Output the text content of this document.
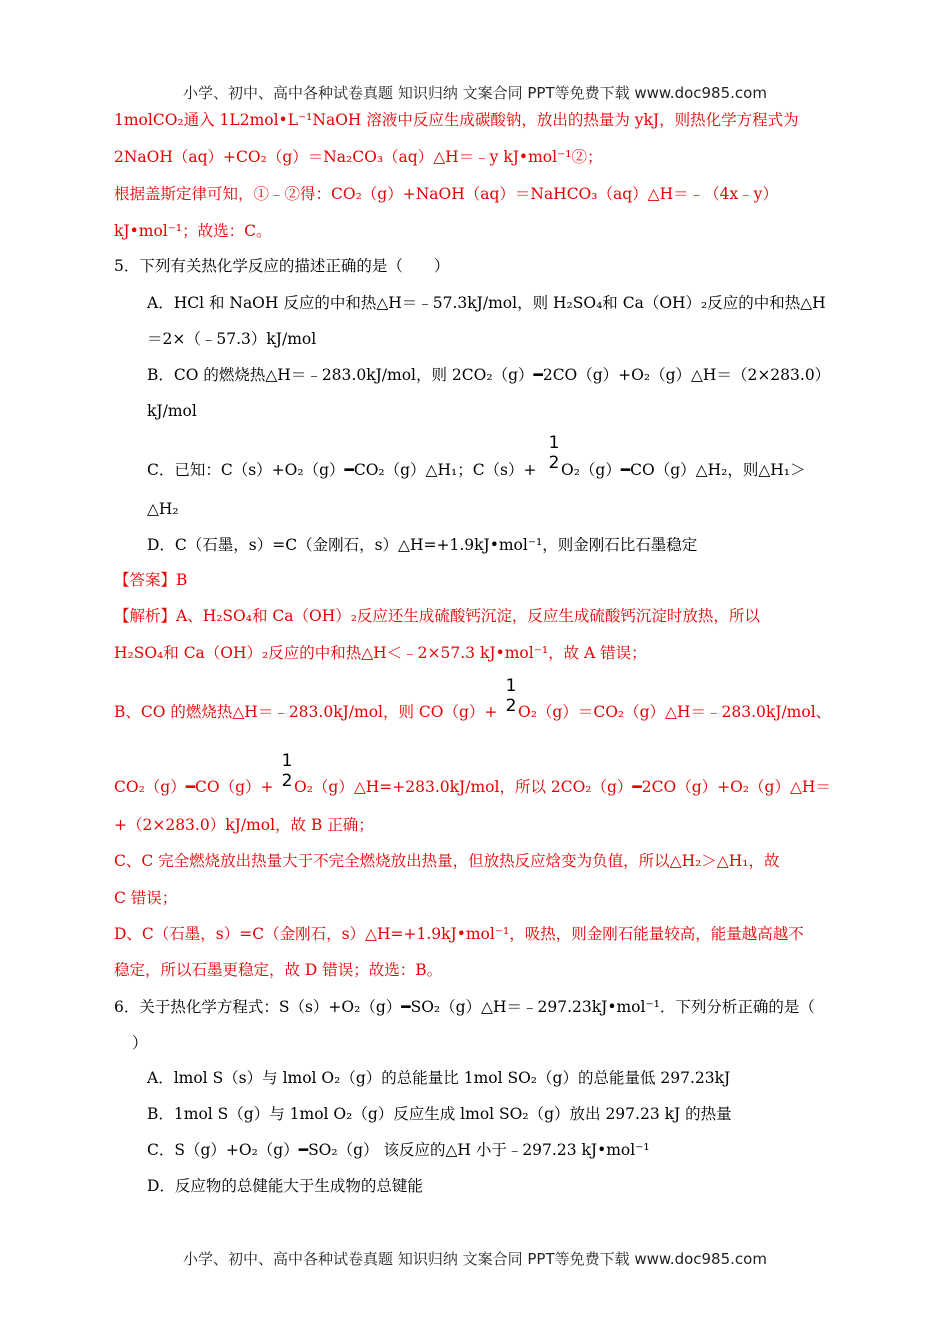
小学、初中、高中各种试卷真题 知识归纳 文案合同 PPT等免费下载 www.doc985.com
1molCO₂通入 1L2mol•L⁻¹NaOH 溶液中反应生成碳酸钠，放出的热量为 ykJ，则热化学方程式为
2NaOH（aq）+CO₂（g）＝Na₂CO₃（aq）△H＝﹣y kJ•mol⁻¹②；
根据盖斯定律可知，①﹣②得：CO₂（g）+NaOH（aq）＝NaHCO₃（aq）△H＝﹣（4x﹣y）
kJ•mol⁻¹；故选：C。
5．下列有关热化学反应的描述正确的是（　　）
A．HCl 和 NaOH 反应的中和热△H＝﹣57.3kJ/mol，则 H₂SO₄和 Ca（OH）₂反应的中和热△H
＝2×（﹣57.3）kJ/mol
B．CO 的燃烧热△H＝﹣283.0kJ/mol，则 2CO₂（g）━2CO（g）+O₂（g）△H＝（2×283.0）
kJ/mol
C．已知：C（s）+O₂（g）━CO₂（g）△H₁；C（s）+
1
2 O₂（g）━CO（g）△H₂，则△H₁＞
△H₂
D．C（石墨，s）=C（金刚石，s）△H=+1.9kJ•mol⁻¹，则金刚石比石墨稳定
【答案】B
【解析】A、H₂SO₄和 Ca（OH）₂反应还生成硫酸钙沉淀，反应生成硫酸钙沉淀时放热，所以
H₂SO₄和 Ca（OH）₂反应的中和热△H＜﹣2×57.3 kJ•mol⁻¹，故 A 错误；
B、CO 的燃烧热△H＝﹣283.0kJ/mol，则 CO（g）+
1
2 O₂（g）＝CO₂（g）△H＝﹣283.0kJ/mol、
CO₂（g）━CO（g）+
1
2 O₂（g）△H=+283.0kJ/mol，所以 2CO₂（g）━2CO（g）+O₂（g）△H＝
+（2×283.0）kJ/mol，故 B 正确；
C、C 完全燃烧放出热量大于不完全燃烧放出热量，但放热反应焓变为负值，所以△H₂＞△H₁，故
C 错误；
D、C（石墨，s）=C（金刚石，s）△H=+1.9kJ•mol⁻¹，吸热，则金刚石能量较高，能量越高越不
稳定，所以石墨更稳定，故 D 错误；故选：B。
6．关于热化学方程式：S（s）+O₂（g）━SO₂（g）△H＝﹣297.23kJ•mol⁻¹．下列分析正确的是（
）
A．lmol S（s）与 lmol O₂（g）的总能量比 1mol SO₂（g）的总能量低 297.23kJ
B．1mol S（g）与 1mol O₂（g）反应生成 lmol SO₂（g）放出 297.23 kJ 的热量
C．S（g）+O₂（g）━SO₂（g） 该反应的△H 小于﹣297.23 kJ•mol⁻¹
D．反应物的总健能大于生成物的总键能
小学、初中、高中各种试卷真题 知识归纳 文案合同 PPT等免费下载 www.doc985.com
